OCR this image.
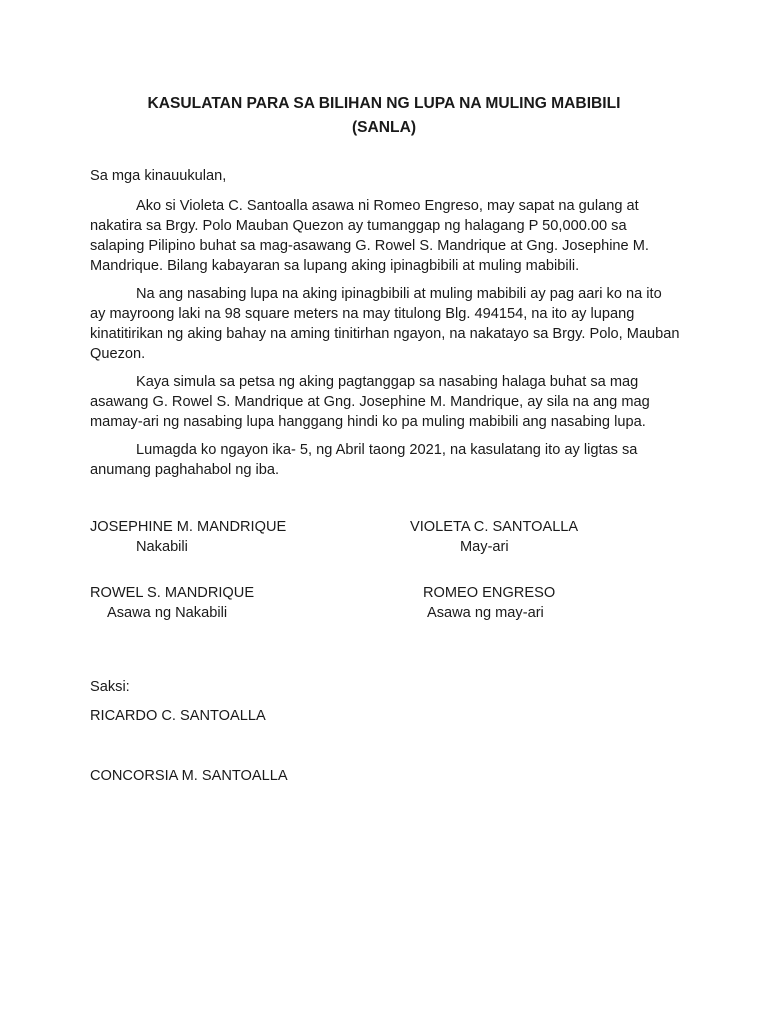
KASULATAN PARA SA BILIHAN NG LUPA NA MULING MABIBILI
(SANLA)

Sa mga kinauukulan,

Ako si Violeta C. Santoalla asawa ni Romeo Engreso, may sapat na gulang at nakatira sa Brgy. Polo Mauban Quezon ay tumanggap ng halagang P 50,000.00 sa salaping Pilipino buhat sa mag-asawang G. Rowel S. Mandrique at Gng. Josephine M. Mandrique. Bilang kabayaran sa lupang aking ipinagbibili at muling mabibili.

Na ang nasabing lupa na aking ipinagbibili at muling mabibili ay pag aari ko na ito ay mayroong laki na 98 square meters na may titulong Blg. 494154, na ito ay lupang kinatitirikan ng aking bahay na aming tinitirhan ngayon, na nakatayo sa Brgy. Polo, Mauban Quezon.

Kaya simula sa petsa ng aking pagtanggap sa nasabing halaga buhat sa mag asawang G. Rowel S. Mandrique at Gng. Josephine M. Mandrique, ay sila na ang mag mamay-ari ng nasabing lupa hanggang hindi ko pa muling mabibili ang nasabing lupa.

Lumagda ko ngayon ika- 5, ng Abril taong 2021, na kasulatang ito ay ligtas sa anumang paghahabol ng iba.

JOSEPHINE M. MANDRIQUE
Nakabili
VIOLETA C. SANTOALLA
May-ari
ROWEL S. MANDRIQUE
Asawa ng Nakabili
ROMEO ENGRESO
Asawa ng may-ari
Saksi:
RICARDO C. SANTOALLA
CONCORSIA M. SANTOALLA
